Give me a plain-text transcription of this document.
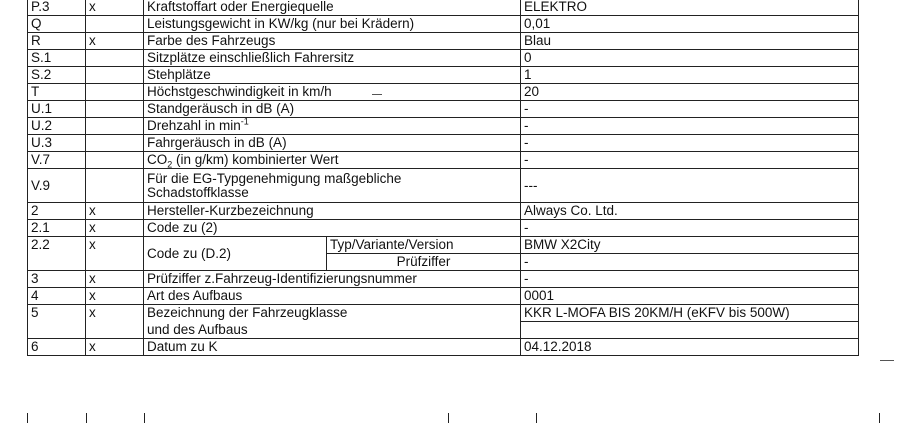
P.3	x	Kraftstoffart oder Energiequelle		ELEKTRO
Q		Leistungsgewicht in KW/kg (nur bei Krädern)		0,01
R	x	Farbe des Fahrzeugs		Blau
S.1		Sitzplätze einschließlich Fahrersitz		0
S.2		Stehplätze		1
T		Höchstgeschwindigkeit in km/h		20
U.1		Standgeräusch in dB (A)		-
U.2		Drehzahl in $\min^{-1}$		-
U.3		Fahrgeräusch in dB (A)		-
V.7		$CO_2$ (in g/km) kombinierter Wert		-
V.9		Für die EG-Typgenehmigung maßgebliche Schadstoffklasse		---
2	x	Hersteller-Kurzbezeichnung		Always Co. Ltd.
2.1	x	Code zu (2)		-
2.2	x	Code zu (D.2)	Typ/Variante/Version	BMW X2City
			Prüfziffer	-
3	x	Prüfziffer z.Fahrzeug-Identifizierungsnummer		-
4	x	Art des Aufbaus		0001
5	x	Bezeichnung der Fahrzeugklasse		KKR L-MOFA BIS 20KM/H (eKFV bis 500W)
		und des Aufbaus		
6	x	Datum zu K		04.12.2018
